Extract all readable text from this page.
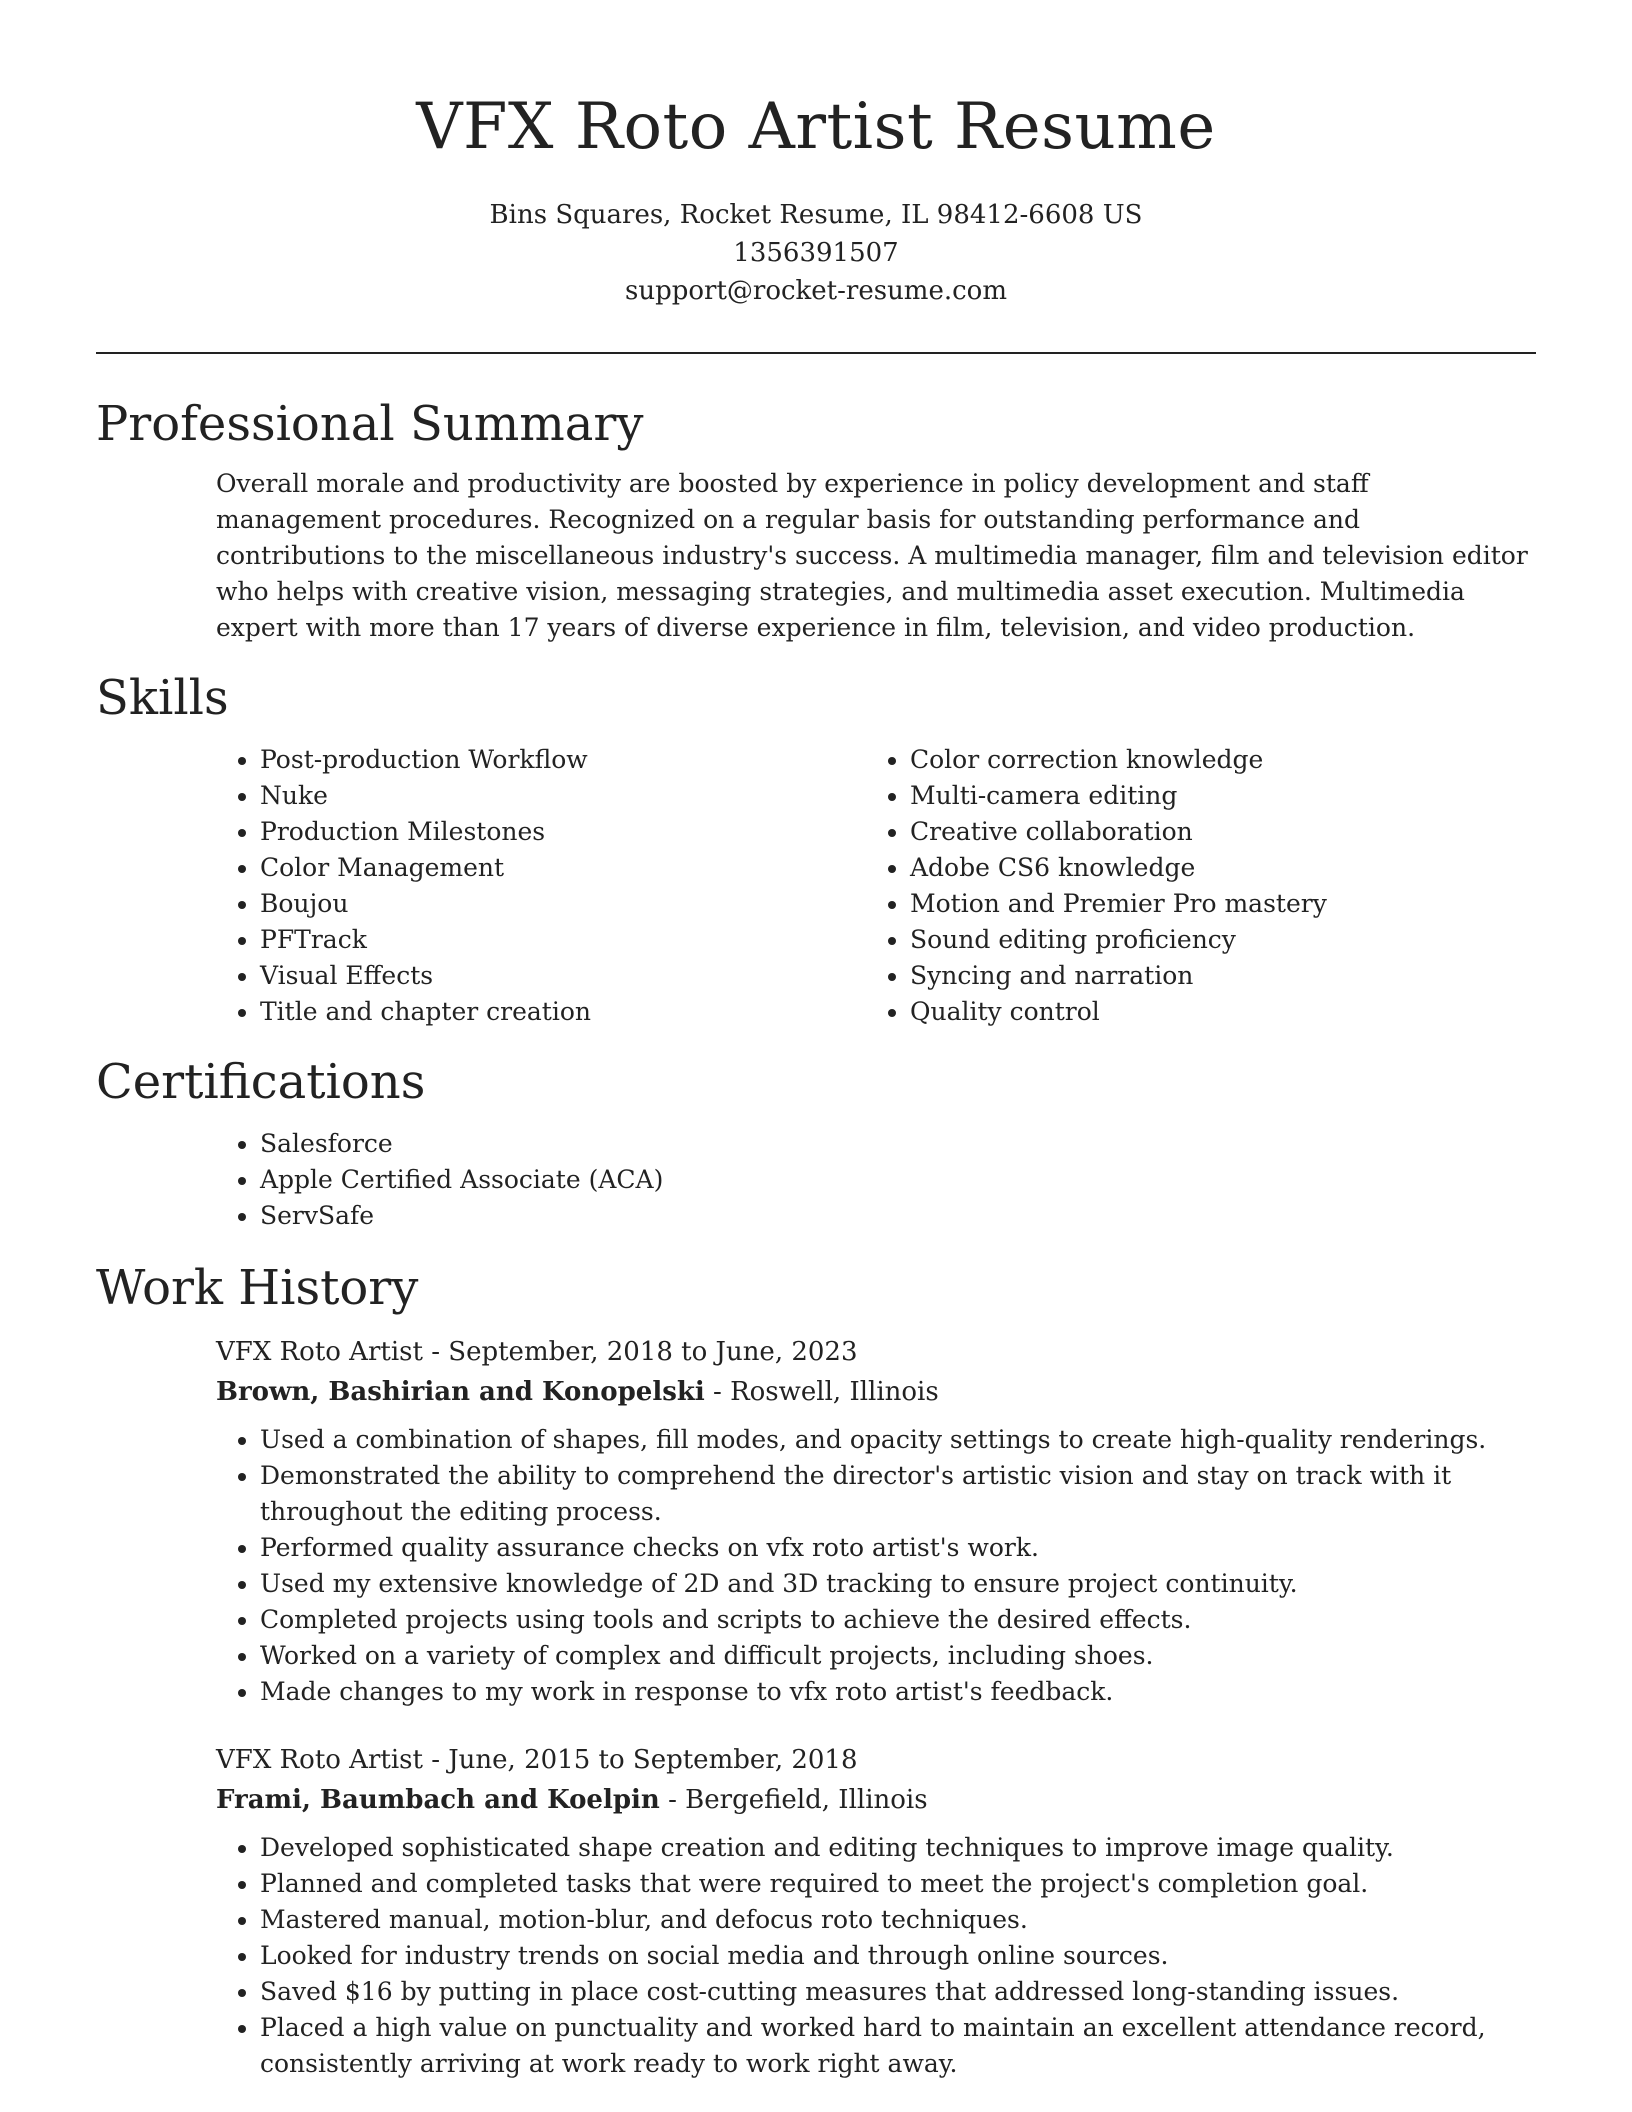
VFX Roto Artist Resume
Bins Squares, Rocket Resume, IL 98412-6608 US
1356391507
support@rocket-resume.com
Professional Summary

Overall morale and productivity are boosted by experience in policy development and staff management procedures. Recognized on a regular basis for outstanding performance and contributions to the miscellaneous industry's success. A multimedia manager, film and television editor who helps with creative vision, messaging strategies, and multimedia asset execution. Multimedia expert with more than 17 years of diverse experience in film, television, and video production.

Skills
• Post-production Workflow
• Nuke
• Production Milestones
• Color Management
• Boujou
• PFTrack
• Visual Effects
• Title and chapter creation
• Color correction knowledge
• Multi-camera editing
• Creative collaboration
• Adobe CS6 knowledge
• Motion and Premier Pro mastery
• Sound editing proficiency
• Syncing and narration
• Quality control
Certifications
• Salesforce
• Apple Certified Associate (ACA)
• ServSafe
Work History
VFX Roto Artist - September, 2018 to June, 2023
Brown, Bashirian and Konopelski - Roswell, Illinois
• Used a combination of shapes, fill modes, and opacity settings to create high-quality renderings.
• Demonstrated the ability to comprehend the director's artistic vision and stay on track with it throughout the editing process.
• Performed quality assurance checks on vfx roto artist's work.
• Used my extensive knowledge of 2D and 3D tracking to ensure project continuity.
• Completed projects using tools and scripts to achieve the desired effects.
• Worked on a variety of complex and difficult projects, including shoes.
• Made changes to my work in response to vfx roto artist's feedback.
VFX Roto Artist - June, 2015 to September, 2018
Frami, Baumbach and Koelpin - Bergefield, Illinois
• Developed sophisticated shape creation and editing techniques to improve image quality.
• Planned and completed tasks that were required to meet the project's completion goal.
• Mastered manual, motion-blur, and defocus roto techniques.
• Looked for industry trends on social media and through online sources.
• Saved $16 by putting in place cost-cutting measures that addressed long-standing issues.
• Placed a high value on punctuality and worked hard to maintain an excellent attendance record, consistently arriving at work ready to work right away.
